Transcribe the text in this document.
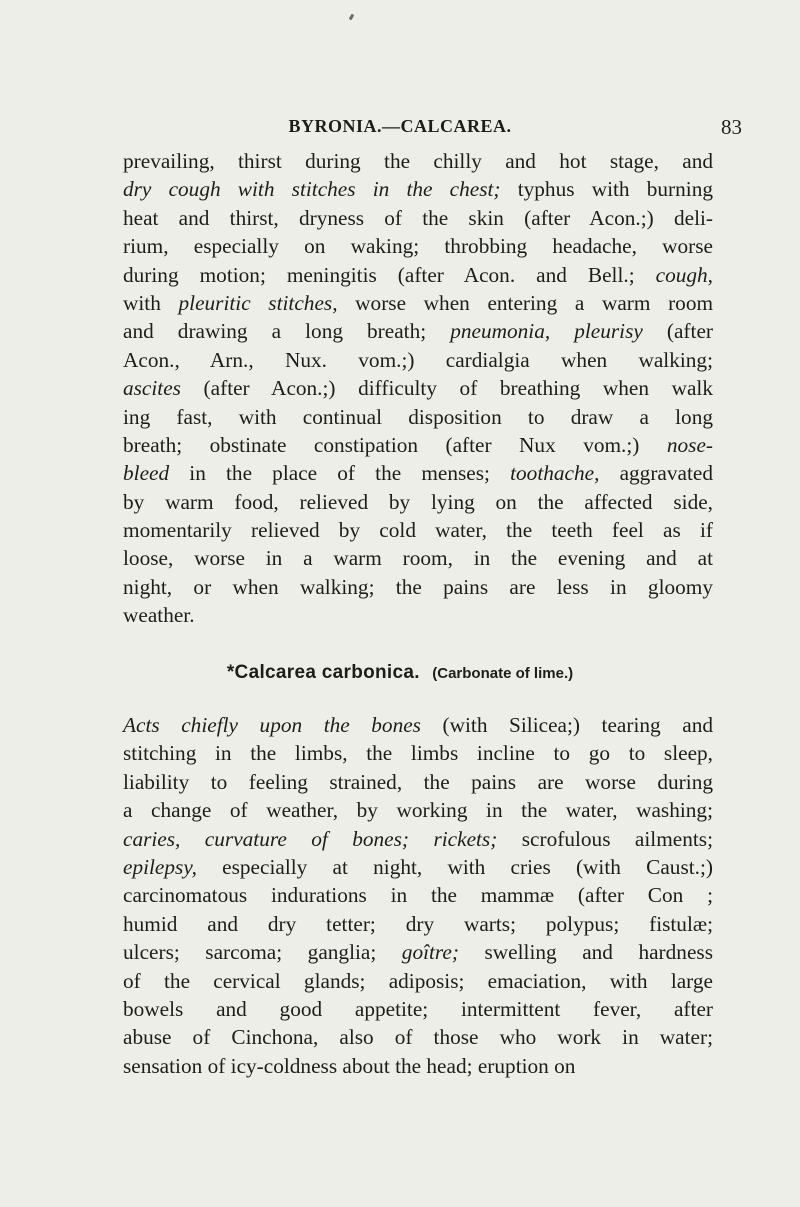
BYRONIA.—CALCAREA.	83
prevailing, thirst during the chilly and hot stage, and
dry cough with stitches in the chest; typhus with burning
heat and thirst, dryness of the skin (after Acon.;) deli-
rium, especially on waking; throbbing headache, worse
during motion; meningitis (after Acon. and Bell.; cough,
with pleuritic stitches, worse when entering a warm room
and drawing a long breath; pneumonia, pleurisy (after
Acon., Arn., Nux. vom.;) cardialgia when walking;
ascites (after Acon.;) difficulty of breathing when walk
ing fast, with continual disposition to draw a long
breath; obstinate constipation (after Nux vom.;) nose-
bleed in the place of the menses; toothache, aggravated
by warm food, relieved by lying on the affected side,
momentarily relieved by cold water, the teeth feel as if
loose, worse in a warm room, in the evening and at
night, or when walking; the pains are less in gloomy
weather.
*Calcarea carbonica. (Carbonate of lime.)
Acts chiefly upon the bones (with Silicea;) tearing and
stitching in the limbs, the limbs incline to go to sleep,
liability to feeling strained, the pains are worse during
a change of weather, by working in the water, washing;
caries, curvature of bones; rickets; scrofulous ailments;
epilepsy, especially at night, with cries (with Caust.;)
carcinomatous indurations in the mammæ (after Con ;
humid and dry tetter; dry warts; polypus; fistulæ;
ulcers; sarcoma; ganglia; goître; swelling and hardness
of the cervical glands; adiposis; emaciation, with large
bowels and good appetite; intermittent fever, after
abuse of Cinchona, also of those who work in water;
sensation of icy-coldness about the head; eruption on
